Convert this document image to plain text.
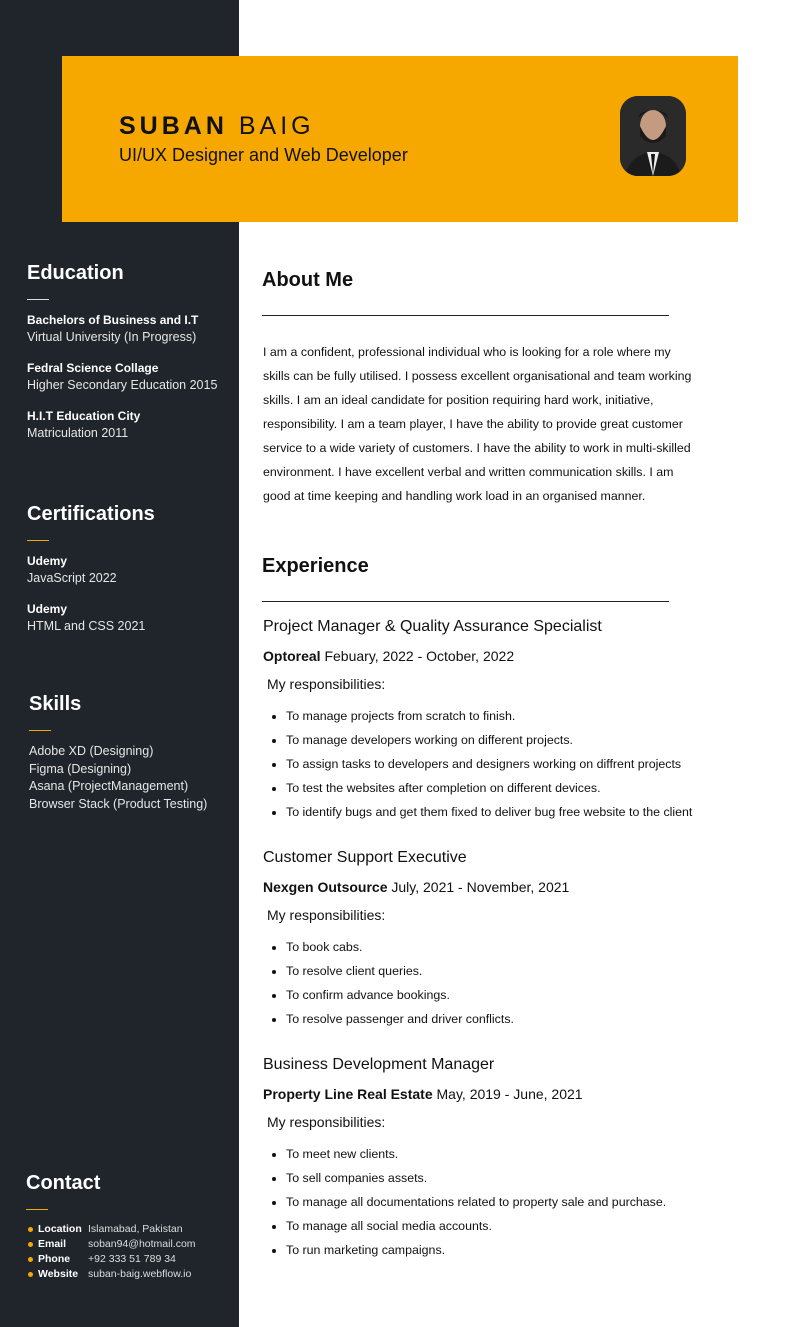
Education
Bachelors of Business and I.T
Virtual University (In Progress)
Fedral Science Collage
Higher Secondary Education 2015
H.I.T Education City
Matriculation 2011
Certifications
Udemy
JavaScript 2022
Udemy
HTML and CSS 2021
Skills
Adobe XD (Designing)
Figma (Designing)
Asana (ProjectManagement)
Browser Stack (Product Testing)
Contact
Location Islamabad, Pakistan
Email	soban94@hotmail.com
Phone	+92 333 51 789 34
Website suban-baig.webflow.io
SUBAN BAIG
UI/UX Designer and Web Developer
About Me

I am a confident, professional individual who is looking for a role where my skills can be fully utilised. I possess excellent organisational and team working skills. I am an ideal candidate for position requiring hard work, initiative, responsibility. I am a team player, I have the ability to provide great customer service to a wide variety of customers. I have the ability to work in multi-skilled environment. I have excellent verbal and written communication skills. I am good at time keeping and handling work load in an organised manner.

Experience
Project Manager & Quality Assurance Specialist
Optoreal Febuary, 2022 - October, 2022
My responsibilities:
• To manage projects from scratch to finish.
• To manage developers working on different projects.
• To assign tasks to developers and designers working on diffrent projects
• To test the websites after completion on different devices.
• To identify bugs and get them fixed to deliver bug free website to the client
Customer Support Executive
Nexgen Outsource July, 2021 - November, 2021
My responsibilities:
• To book cabs.
• To resolve client queries.
• To confirm advance bookings.
• To resolve passenger and driver conflicts.
Business Development Manager
Property Line Real Estate May, 2019 - June, 2021
My responsibilities:
• To meet new clients.
• To sell companies assets.
• To manage all documentations related to property sale and purchase.
• To manage all social media accounts.
• To run marketing campaigns.
